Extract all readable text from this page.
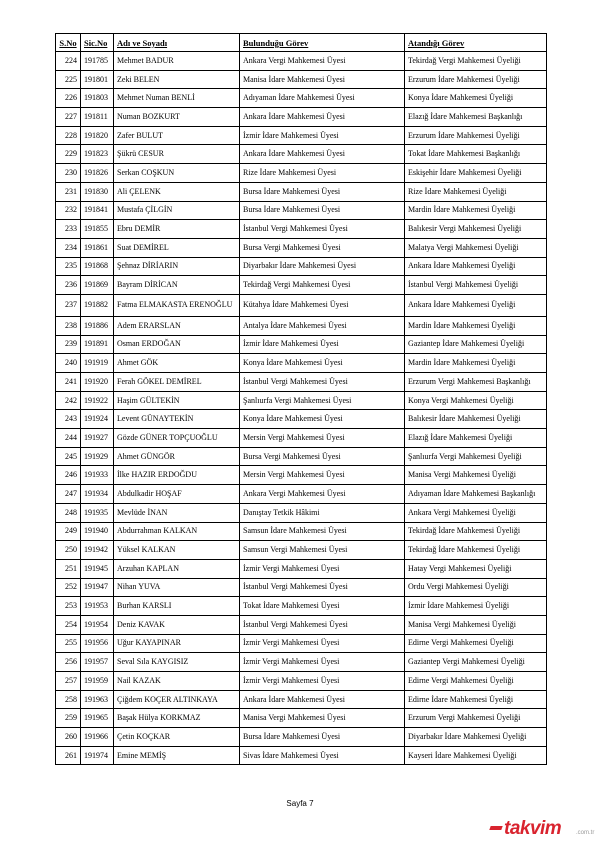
S.No	Sic.No	Adı ve Soyadı	Bulunduğu Görev	Atandığı Görev
224	191785	Mehmet BADUR	Ankara Vergi Mahkemesi Üyesi	Tekirdağ Vergi Mahkemesi Üyeliği
225	191801	Zeki BELEN	Manisa İdare Mahkemesi Üyesi	Erzurum İdare Mahkemesi Üyeliği
226	191803	Mehmet Numan BENLİ	Adıyaman İdare Mahkemesi Üyesi	Konya İdare Mahkemesi Üyeliği
227	191811	Numan BOZKURT	Ankara İdare Mahkemesi Üyesi	Elazığ İdare Mahkemesi Başkanlığı
228	191820	Zafer BULUT	İzmir İdare Mahkemesi Üyesi	Erzurum İdare Mahkemesi Üyeliği
229	191823	Şükrü CESUR	Ankara İdare Mahkemesi Üyesi	Tokat İdare Mahkemesi Başkanlığı
230	191826	Serkan COŞKUN	Rize İdare Mahkemesi Üyesi	Eskişehir İdare Mahkemesi Üyeliği
231	191830	Ali ÇELENK	Bursa İdare Mahkemesi Üyesi	Rize İdare Mahkemesi Üyeliği
232	191841	Mustafa ÇİLGİN	Bursa İdare Mahkemesi Üyesi	Mardin İdare Mahkemesi Üyeliği
233	191855	Ebru DEMİR	İstanbul Vergi Mahkemesi Üyesi	Balıkesir Vergi Mahkemesi Üyeliği
234	191861	Suat DEMİREL	Bursa Vergi Mahkemesi Üyesi	Malatya Vergi Mahkemesi Üyeliği
235	191868	Şehnaz DİRİARIN	Diyarbakır İdare Mahkemesi Üyesi	Ankara İdare Mahkemesi Üyeliği
236	191869	Bayram DİRİCAN	Tekirdağ Vergi Mahkemesi Üyesi	İstanbul Vergi Mahkemesi Üyeliği
237	191882	Fatma ELMAKASTA ERENOĞLU	Kütahya İdare Mahkemesi Üyesi	Ankara İdare Mahkemesi Üyeliği
238	191886	Adem ERARSLAN	Antalya İdare Mahkemesi Üyesi	Mardin İdare Mahkemesi Üyeliği
239	191891	Osman ERDOĞAN	İzmir İdare Mahkemesi Üyesi	Gaziantep İdare Mahkemesi Üyeliği
240	191919	Ahmet GÖK	Konya İdare Mahkemesi Üyesi	Mardin İdare Mahkemesi Üyeliği
241	191920	Ferah GÖKEL DEMİREL	İstanbul Vergi Mahkemesi Üyesi	Erzurum Vergi Mahkemesi Başkanlığı
242	191922	Haşim GÜLTEKİN	Şanlıurfa Vergi Mahkemesi Üyesi	Konya Vergi Mahkemesi Üyeliği
243	191924	Levent GÜNAYTEKİN	Konya İdare Mahkemesi Üyesi	Balıkesir İdare Mahkemesi Üyeliği
244	191927	Gözde GÜNER TOPÇUOĞLU	Mersin Vergi Mahkemesi Üyesi	Elazığ İdare Mahkemesi Üyeliği
245	191929	Ahmet GÜNGÖR	Bursa Vergi Mahkemesi Üyesi	Şanlıurfa Vergi Mahkemesi Üyeliği
246	191933	İlke HAZIR ERDOĞDU	Mersin Vergi Mahkemesi Üyesi	Manisa Vergi Mahkemesi Üyeliği
247	191934	Abdulkadir HOŞAF	Ankara Vergi Mahkemesi Üyesi	Adıyaman İdare Mahkemesi Başkanlığı
248	191935	Mevlüde İNAN	Danıştay Tetkik Hâkimi	Ankara Vergi Mahkemesi Üyeliği
249	191940	Abdurrahman KALKAN	Samsun İdare Mahkemesi Üyesi	Tekirdağ İdare Mahkemesi Üyeliği
250	191942	Yüksel KALKAN	Samsun Vergi Mahkemesi Üyesi	Tekirdağ İdare Mahkemesi Üyeliği
251	191945	Arzuhan KAPLAN	İzmir Vergi Mahkemesi Üyesi	Hatay Vergi Mahkemesi Üyeliği
252	191947	Nihan YUVA	İstanbul Vergi Mahkemesi Üyesi	Ordu Vergi Mahkemesi Üyeliği
253	191953	Burhan KARSLI	Tokat İdare Mahkemesi Üyesi	İzmir İdare Mahkemesi Üyeliği
254	191954	Deniz KAVAK	İstanbul Vergi Mahkemesi Üyesi	Manisa Vergi Mahkemesi Üyeliği
255	191956	Uğur KAYAPINAR	İzmir Vergi Mahkemesi Üyesi	Edirne Vergi Mahkemesi Üyeliği
256	191957	Seval Sıla KAYGISIZ	İzmir Vergi Mahkemesi Üyesi	Gaziantep Vergi Mahkemesi Üyeliği
257	191959	Nail KAZAK	İzmir Vergi Mahkemesi Üyesi	Edirne Vergi Mahkemesi Üyeliği
258	191963	Çiğdem KOÇER ALTINKAYA	Ankara İdare Mahkemesi Üyesi	Edirne İdare Mahkemesi Üyeliği
259	191965	Başak Hülya KORKMAZ	Manisa Vergi Mahkemesi Üyesi	Erzurum Vergi Mahkemesi Üyeliği
260	191966	Çetin KOÇKAR	Bursa İdare Mahkemesi Üyesi	Diyarbakır İdare Mahkemesi Üyeliği
261	191974	Emine MEMİŞ	Sivas İdare Mahkemesi Üyesi	Kayseri İdare Mahkemesi Üyeliği
Sayfa 7
takvim .com.tr
